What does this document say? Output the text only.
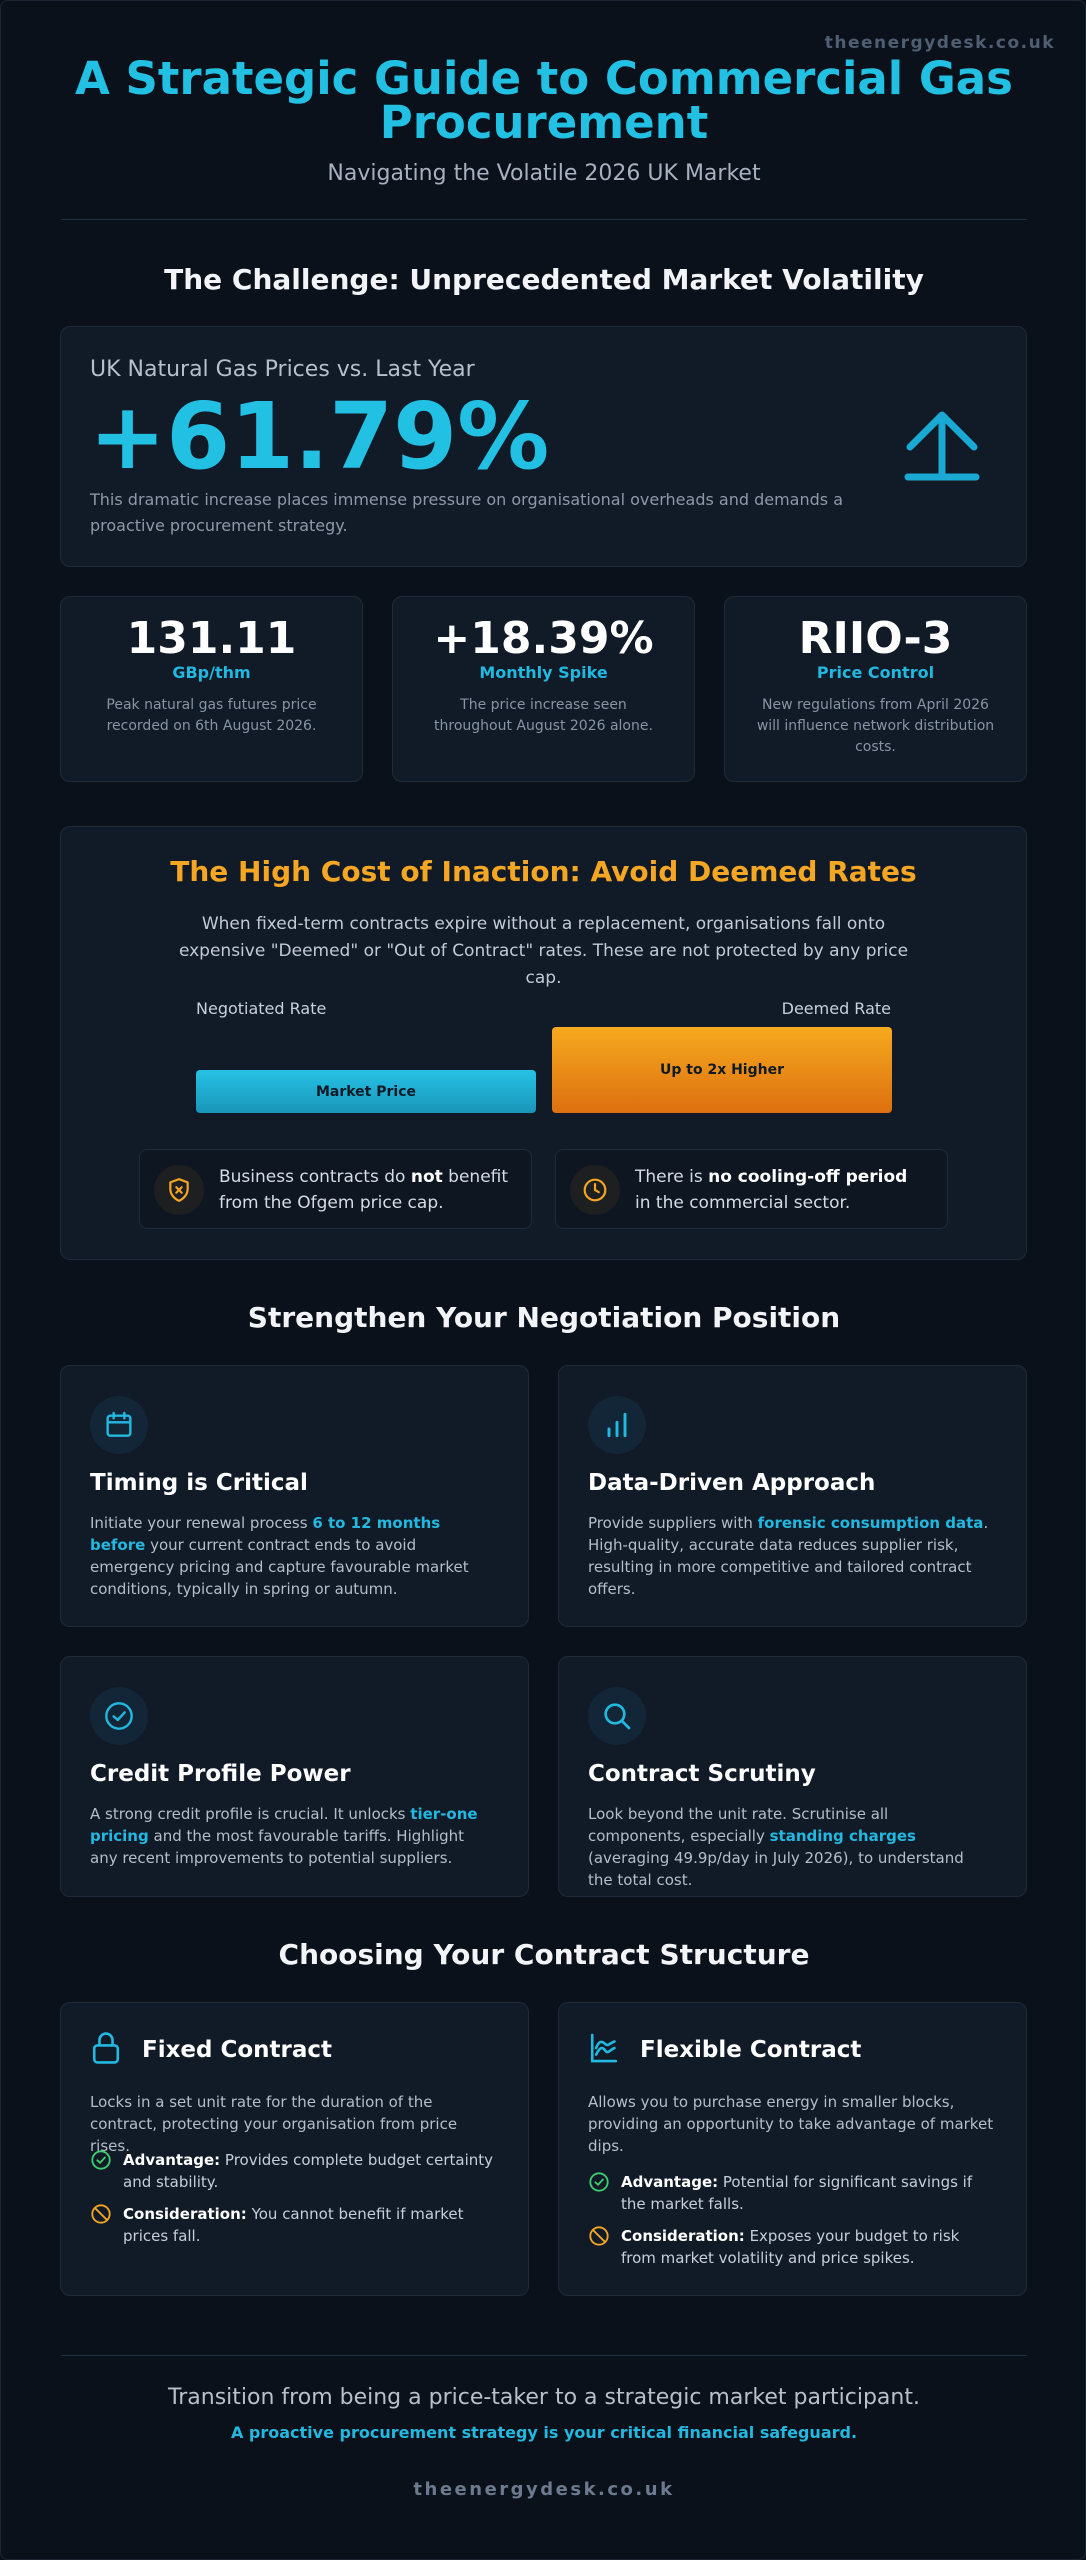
theenergydesk.co.uk
A Strategic Guide to Commercial Gas
Procurement
Navigating the Volatile 2026 UK Market
The Challenge: Unprecedented Market Volatility
UK Natural Gas Prices vs. Last Year
+61.79%
This dramatic increase places immense pressure on organisational overheads and demands a proactive procurement strategy.
131.11
GBp/thm
Peak natural gas futures price recorded on 6th August 2026.
+18.39%
Monthly Spike
The price increase seen throughout August 2026 alone.
RIIO-3
Price Control
New regulations from April 2026 will influence network distribution costs.
The High Cost of Inaction: Avoid Deemed Rates
When fixed-term contracts expire without a replacement, organisations fall onto expensive "Deemed" or "Out of Contract" rates. These are not protected by any price cap.
Negotiated Rate	Deemed Rate
Market Price
Up to 2x Higher
Business contracts do not benefit from the Ofgem price cap.
There is no cooling-off period in the commercial sector.
Strengthen Your Negotiation Position
Timing is Critical
Initiate your renewal process 6 to 12 months before your current contract ends to avoid emergency pricing and capture favourable market conditions, typically in spring or autumn.
Data-Driven Approach
Provide suppliers with forensic consumption data. High-quality, accurate data reduces supplier risk, resulting in more competitive and tailored contract offers.
Credit Profile Power
A strong credit profile is crucial. It unlocks tier-one pricing and the most favourable tariffs. Highlight any recent improvements to potential suppliers.
Contract Scrutiny
Look beyond the unit rate. Scrutinise all components, especially standing charges (averaging 49.9p/day in July 2026), to understand the total cost.
Choosing Your Contract Structure
Fixed Contract
Locks in a set unit rate for the duration of the contract, protecting your organisation from price rises.
Advantage: Provides complete budget certainty and stability.
Consideration: You cannot benefit if market prices fall.
Flexible Contract
Allows you to purchase energy in smaller blocks, providing an opportunity to take advantage of market dips.
Advantage: Potential for significant savings if the market falls.
Consideration: Exposes your budget to risk from market volatility and price spikes.
Transition from being a price-taker to a strategic market participant.
A proactive procurement strategy is your critical financial safeguard.
theenergydesk.co.uk
